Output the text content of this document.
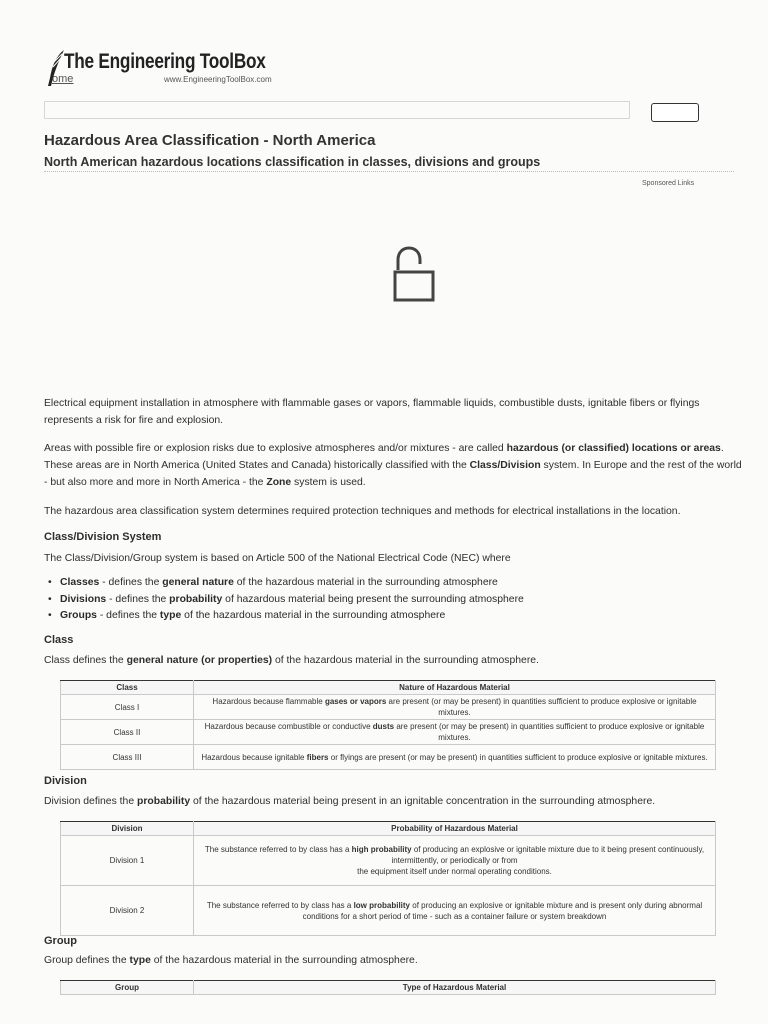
The Engineering ToolBox
ome	www.EngineeringToolBox.com
Hazardous Area Classification - North America
North American hazardous locations classification in classes, divisions and groups
Sponsored Links

Electrical equipment installation in atmosphere with flammable gases or vapors, flammable liquids, combustible dusts, ignitable fibers or flyings represents a risk for fire and explosion.

Areas with possible fire or explosion risks due to explosive atmospheres and/or mixtures - are called hazardous (or classified) locations or areas. These areas are in North America (United States and Canada) historically classified with the Class/Division system. In Europe and the rest of the world - but also more and more in North America - the Zone system is used.

The hazardous area classification system determines required protection techniques and methods for electrical installations in the location.

Class/Division System

The Class/Division/Group system is based on Article 500 of the National Electrical Code (NEC) where

• Classes - defines the general nature of the hazardous material in the surrounding atmosphere
• Divisions - defines the probability of hazardous material being present the surrounding atmosphere
• Groups - defines the type of the hazardous material in the surrounding atmosphere
Class

Class defines the general nature (or properties) of the hazardous material in the surrounding atmosphere.

Class	Nature of Hazardous Material
Class I	Hazardous because flammable gases or vapors are present (or may be present) in quantities sufficient to produce explosive or ignitable mixtures.
Class II	Hazardous because combustible or conductive dusts are present (or may be present) in quantities sufficient to produce explosive or ignitable mixtures.
Class III	Hazardous because ignitable fibers or flyings are present (or may be present) in quantities sufficient to produce explosive or ignitable mixtures.
Division

Division defines the probability of the hazardous material being present in an ignitable concentration in the surrounding atmosphere.

Division	Probability of Hazardous Material
Division 1	The substance referred to by class has a high probability of producing an explosive or ignitable mixture due to it being present continuously, intermittently, or periodically or from
the equipment itself under normal operating conditions.
Division 2	The substance referred to by class has a low probability of producing an explosive or ignitable mixture and is present only during abnormal conditions for a short period of time - such as a container failure or system breakdown
Group

Group defines the type of the hazardous material in the surrounding atmosphere.

Group	Type of Hazardous Material
